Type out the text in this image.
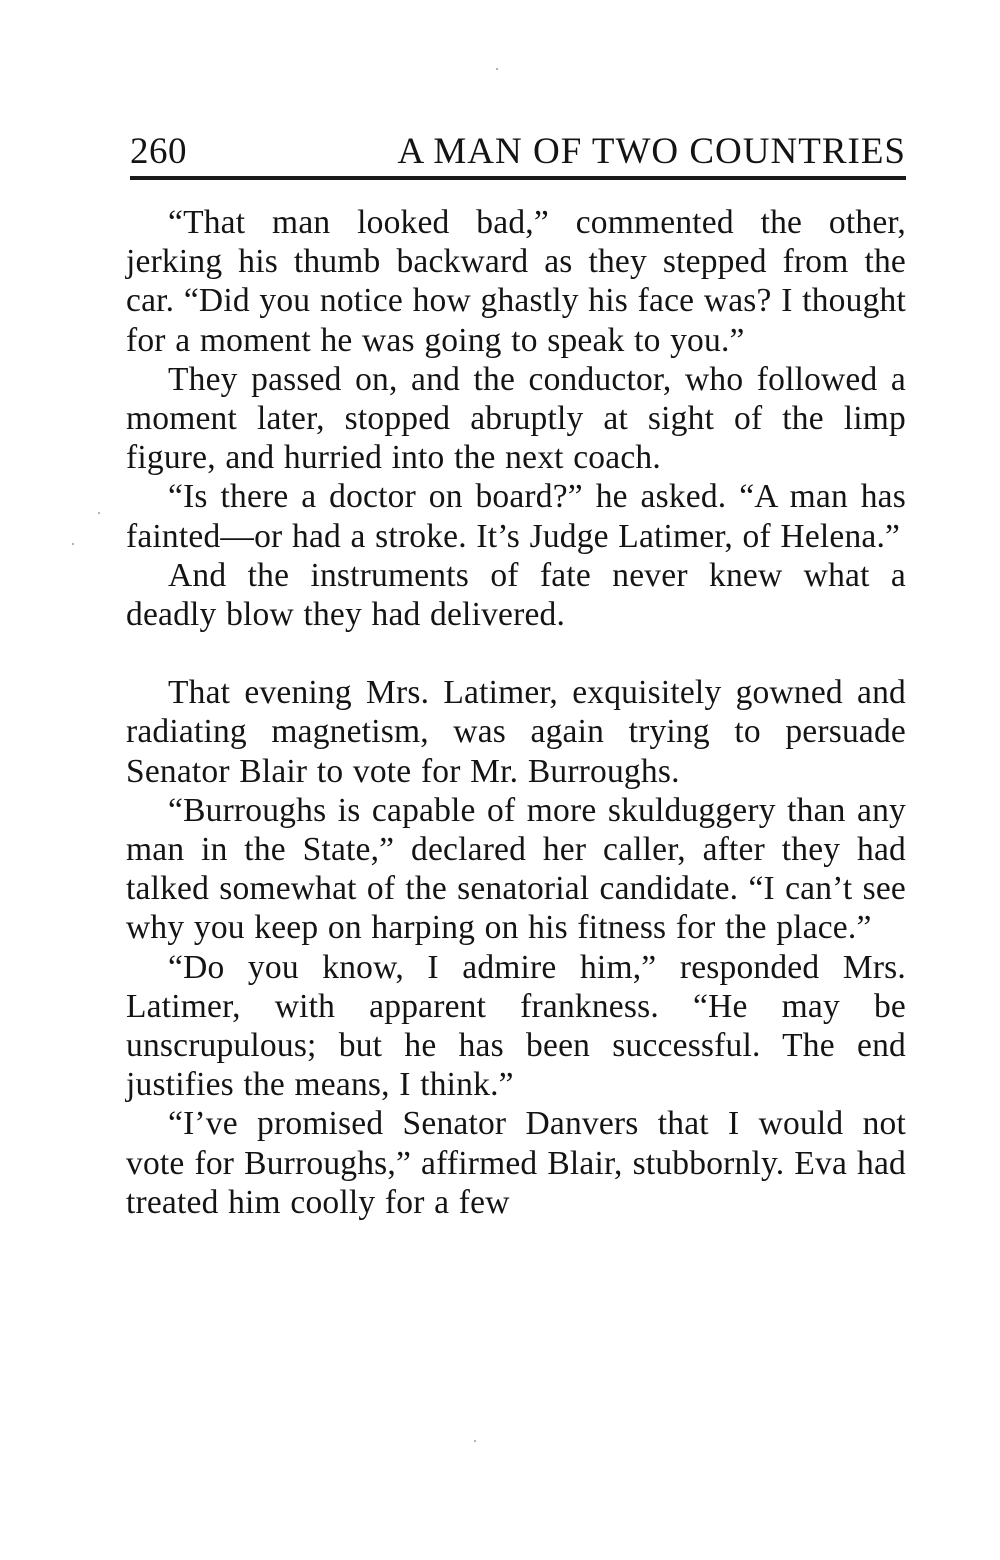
260	A MAN OF TWO COUNTRIES

“That man looked bad,” commented the other, jerking his thumb backward as they stepped from the car. “Did you notice how ghastly his face was? I thought for a moment he was going to speak to you.”

They passed on, and the conductor, who followed a moment later, stopped abruptly at sight of the limp figure, and hurried into the next coach.

“Is there a doctor on board?” he asked. “A man has fainted—or had a stroke. It’s Judge Latimer, of Helena.”

And the instruments of fate never knew what a deadly blow they had delivered.

That evening Mrs. Latimer, exquisitely gowned and radiating magnetism, was again trying to persuade Senator Blair to vote for Mr. Burroughs.

“Burroughs is capable of more skulduggery than any man in the State,” declared her caller, after they had talked somewhat of the senatorial candidate. “I can’t see why you keep on harping on his fitness for the place.”

“Do you know, I admire him,” responded Mrs. Latimer, with apparent frankness. “He may be unscrupulous; but he has been successful. The end justifies the means, I think.”

“I’ve promised Senator Danvers that I would not vote for Burroughs,” affirmed Blair, stubbornly. Eva had treated him coolly for a few
